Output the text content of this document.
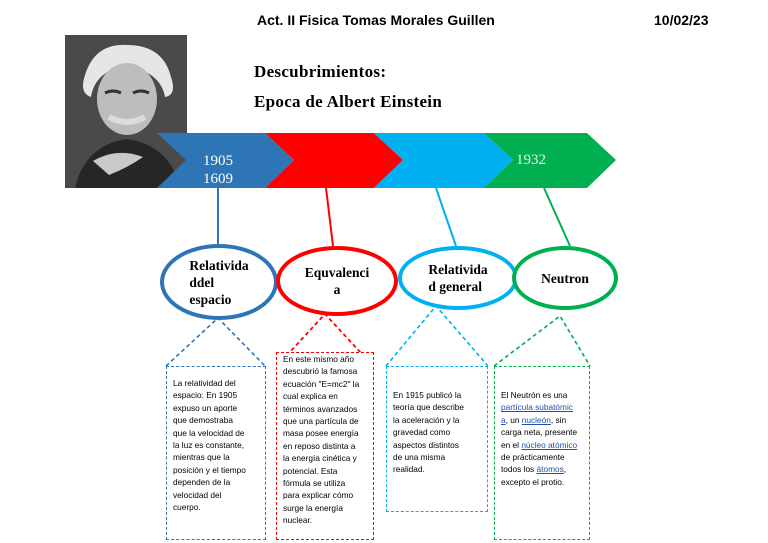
Act. II Fisica Tomas Morales Guillen	10/02/23
Descubrimientos:
Epoca de Albert Einstein
1905
1609
1932
Relativida
ddel
espacio
Equvalenci
a
Relativida
d general
Neutron

La relatividad del
espacio: En 1905
expuso un aporte
que demostraba
que la velocidad de
la luz es constante,
mientras que la
posición y el tiempo
dependen de la
velocidad del
cuerpo.

En este mismo año
descubrió la famosa
ecuación "E=mc2" la
cual explica en
términos avanzados
que una partícula de
masa posee energía
en reposo distinta a
la energía cinética y
potencial. Esta
fórmula se utiliza
para explicar cómo
surge la energía
nuclear.

En 1915 publicó la
teoría que describe
la aceleración y la
gravedad como
aspectos distintos
de una misma
realidad.

El Neutrón es una
partícula subatómic
a, un nucleón, sin
carga neta, presente
en el núcleo atómico
de prácticamente
todos los átomos, excepto el protio.
